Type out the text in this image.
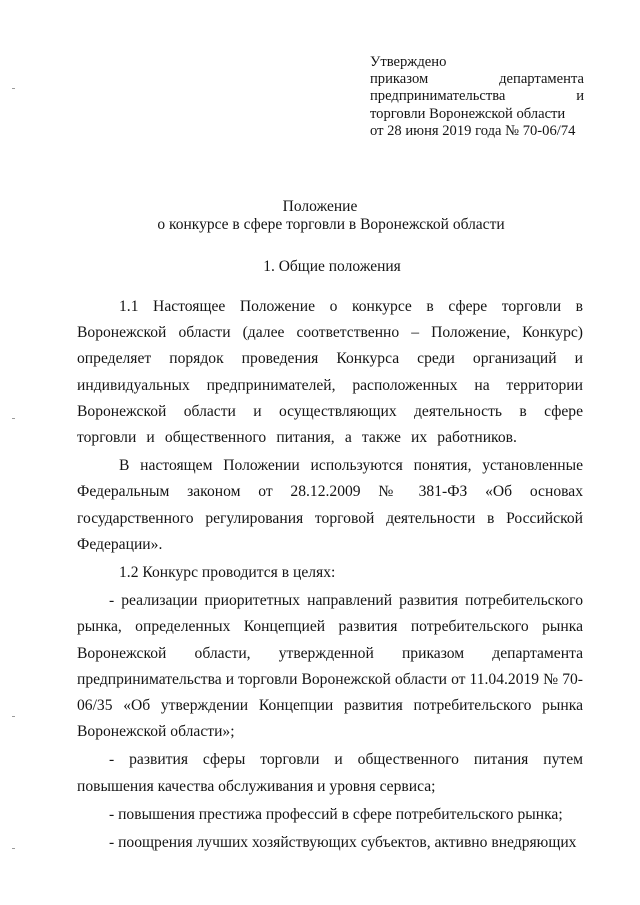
Утверждено
приказом	департамента
предпринимательства	и
торговли Воронежской области
от 28 июня 2019 года № 70-06/74
Положение
о конкурсе в сфере торговли в Воронежской области
1. Общие положения

1.1 Настоящее Положение о конкурсе в сфере торговли в Воронежской области (далее соответственно – Положение, Конкурс) определяет порядок проведения Конкурса среди организаций и индивидуальных предпринимателей, расположенных на территории Воронежской области и осуществляющих деятельность в сфере торговли и общественного питания, а также их работников.

В настоящем Положении используются понятия, установленные Федеральным законом от 28.12.2009 № 381-ФЗ «Об основах государственного регулирования торговой деятельности в Российской Федерации».

1.2 Конкурс проводится в целях:

- реализации приоритетных направлений развития потребительского рынка, определенных Концепцией развития потребительского рынка Воронежской области, утвержденной приказом департамента предпринимательства и торговли Воронежской области от 11.04.2019 № 70-06/35 «Об утверждении Концепции развития потребительского рынка Воронежской области»;

- развития сферы торговли и общественного питания путем повышения качества обслуживания и уровня сервиса;

- повышения престижа профессий в сфере потребительского рынка;

- поощрения лучших хозяйствующих субъектов, активно внедряющих
